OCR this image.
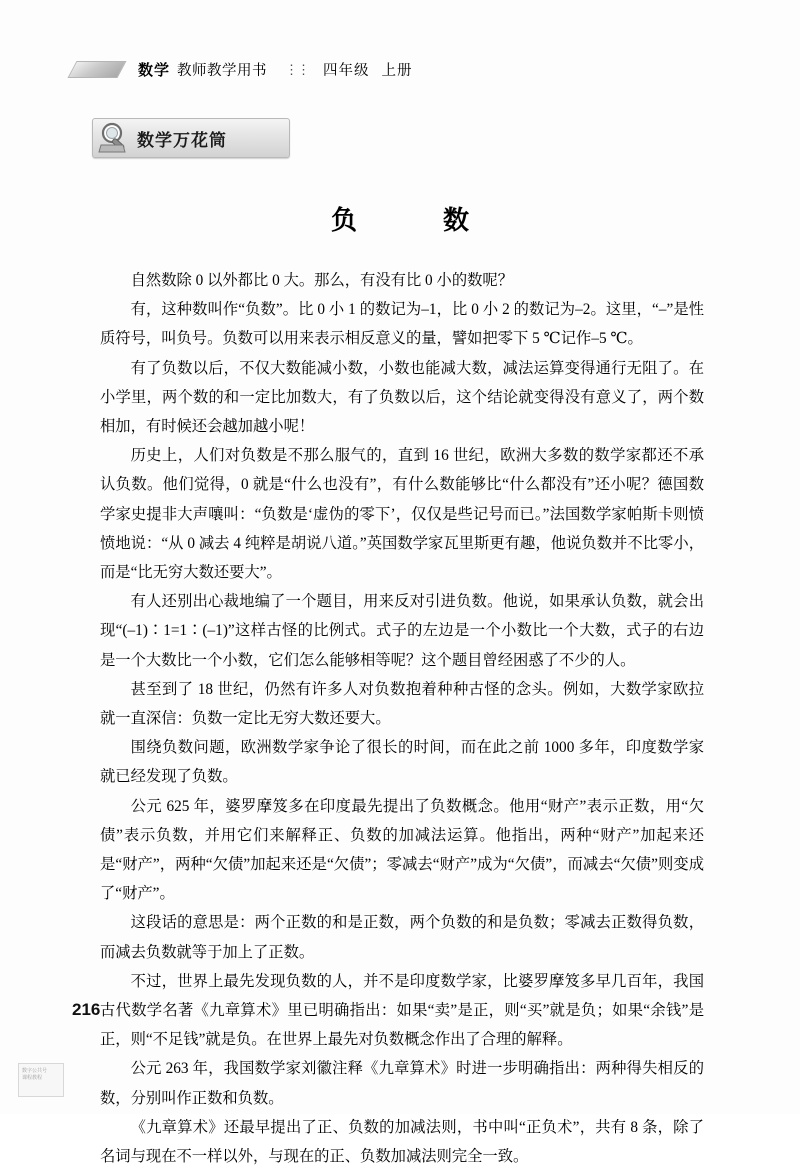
数学 教师教学用书 ⋮⋮ 四年级 上册
数学万花筒
负　数

自然数除 0 以外都比 0 大。那么，有没有比 0 小的数呢？

有，这种数叫作“负数”。比 0 小 1 的数记为–1，比 0 小 2 的数记为–2。这里，“–”是性质符号，叫负号。负数可以用来表示相反意义的量，譬如把零下 5 ℃记作–5 ℃。

有了负数以后，不仅大数能减小数，小数也能减大数，减法运算变得通行无阻了。在小学里，两个数的和一定比加数大，有了负数以后，这个结论就变得没有意义了，两个数相加，有时候还会越加越小呢！

历史上，人们对负数是不那么服气的，直到 16 世纪，欧洲大多数的数学家都还不承认负数。他们觉得，0 就是“什么也没有”，有什么数能够比“什么都没有”还小呢？德国数学家史提非大声嚷叫：“负数是‘虚伪的零下’，仅仅是些记号而已。”法国数学家帕斯卡则愤愤地说：“从 0 减去 4 纯粹是胡说八道。”英国数学家瓦里斯更有趣，他说负数并不比零小，而是“比无穷大数还要大”。

有人还别出心裁地编了一个题目，用来反对引进负数。他说，如果承认负数，就会出现“(–1)∶1=1∶(–1)”这样古怪的比例式。式子的左边是一个小数比一个大数，式子的右边是一个大数比一个小数，它们怎么能够相等呢？这个题目曾经困惑了不少的人。

甚至到了 18 世纪，仍然有许多人对负数抱着种种古怪的念头。例如，大数学家欧拉就一直深信：负数一定比无穷大数还要大。

围绕负数问题，欧洲数学家争论了很长的时间，而在此之前 1000 多年，印度数学家就已经发现了负数。

公元 625 年，婆罗摩笈多在印度最先提出了负数概念。他用“财产”表示正数，用“欠债”表示负数，并用它们来解释正、负数的加减法运算。他指出，两种“财产”加起来还是“财产”，两种“欠债”加起来还是“欠债”；零减去“财产”成为“欠债”，而减去“欠债”则变成了“财产”。

这段话的意思是：两个正数的和是正数，两个负数的和是负数；零减去正数得负数，而减去负数就等于加上了正数。

不过，世界上最先发现负数的人，并不是印度数学家，比婆罗摩笈多早几百年，我国古代数学名著《九章算术》里已明确指出：如果“卖”是正，则“买”就是负；如果“余钱”是正，则“不足钱”就是负。在世界上最先对负数概念作出了合理的解释。

公元 263 年，我国数学家刘徽注释《九章算术》时进一步明确指出：两种得失相反的数，分别叫作正数和负数。

《九章算术》还最早提出了正、负数的加减法则，书中叫“正负术”，共有 8 条，除了名词与现在不一样以外，与现在的正、负数加减法则完全一致。

216
数字公共号
课程教程
